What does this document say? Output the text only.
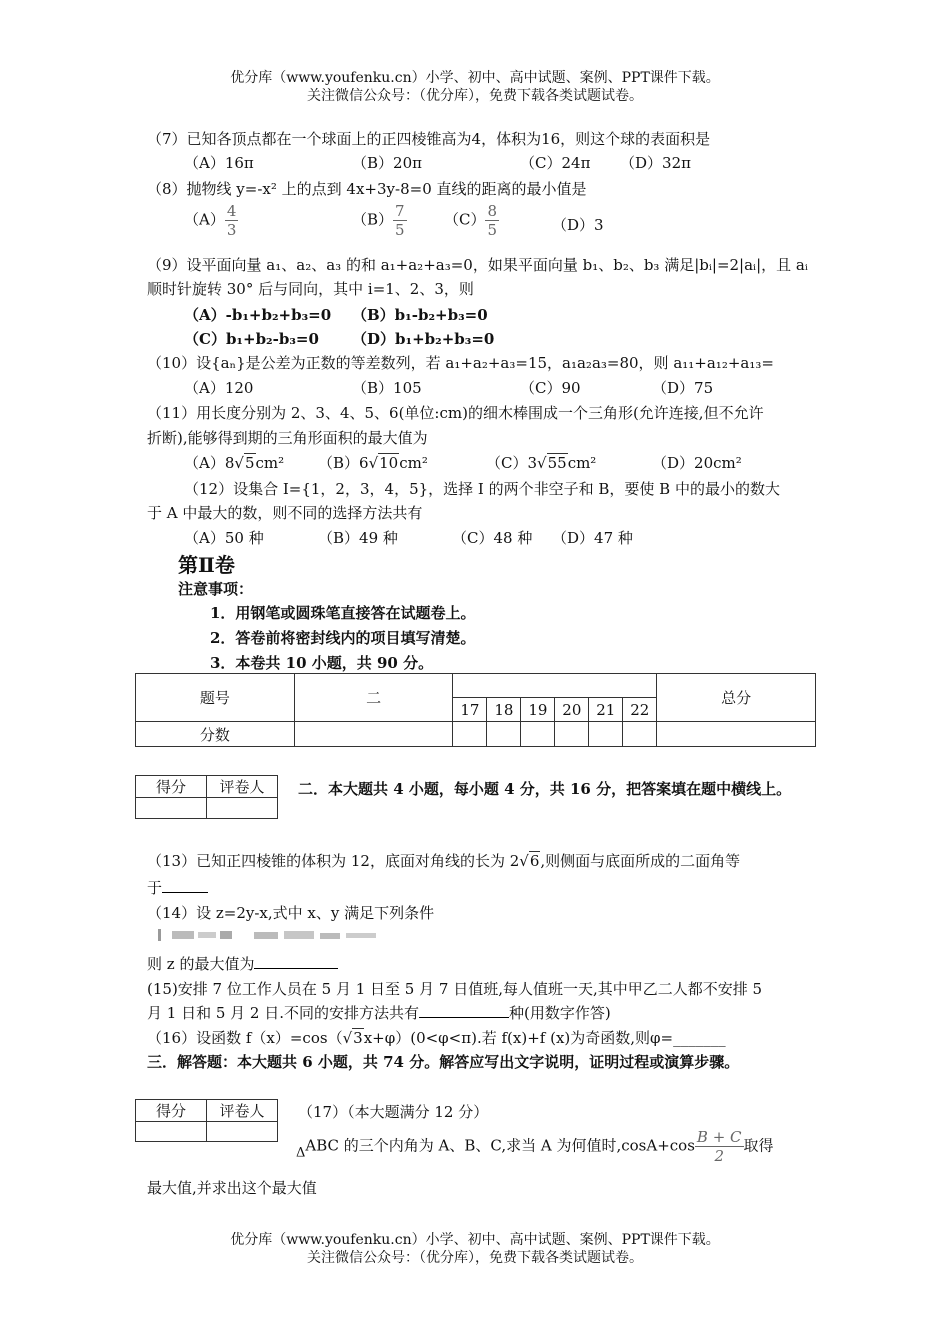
优分库（www.youfenku.cn）小学、初中、高中试题、案例、PPT课件下载。
关注微信公众号：（优分库），免费下载各类试题试卷。
（7）已知各顶点都在一个球面上的正四棱锥高为4，体积为16，则这个球的表面积是
（A）16π	（B）20π	（C）24π （D）32π
（8）抛物线 y=-x² 上的点到 4x+3y-8=0 直线的距离的最小值是
$(A) \frac{4}{3}$	$(B) \frac{7}{5} (C) \frac{8}{5}$	（D）3
（9）设平面向量 a₁、a₂、a₃ 的和 a₁+a₂+a₃=0，如果平面向量 b₁、b₂、b₃ 满足|bᵢ|=2|aᵢ|，且 aᵢ
顺时针旋转 30° 后与同向，其中 i=1、2、3，则
（A）-b₁+b₂+b₃=0 （B）b₁-b₂+b₃=0
（C）b₁+b₂-b₃=0 （D）b₁+b₂+b₃=0
（10）设{aₙ}是公差为正数的等差数列，若 a₁+a₂+a₃=15，a₁a₂a₃=80，则 a₁₁+a₁₂+a₁₃=
（A）120	（B）105	（C）90	（D）75
（11）用长度分别为 2、3、4、5、6(单位:cm)的细木棒围成一个三角形(允许连接,但不允许
折断),能够得到期的三角形面积的最大值为
（A）8√5cm² （B）6√10cm²	（C）3√55cm²	（D）20cm²
（12）设集合 I={1，2，3，4，5}，选择 I 的两个非空子和 B，要使 B 中的最小的数大
于 A 中最大的数，则不同的选择方法共有
（A）50 种	（B）49 种	（C）48 种 （D）47 种
第Ⅱ卷
注意事项：
1．用钢笔或圆珠笔直接答在试题卷上。
2．答卷前将密封线内的项目填写清楚。
3．本卷共 10 小题，共 90 分。
题号	二							总分
		17	18	19	20	21	22	
分数								
得分	评卷人
	二．本大题共 4 小题，每小题 4 分，共 16 分，把答案填在题中横线上。
（13）已知正四棱锥的体积为 12，底面对角线的长为 2√6,则侧面与底面所成的二面角等
于
（14）设 z=2y-x,式中 x、y 满足下列条件
则 z 的最大值为
(15)安排 7 位工作人员在 5 月 1 日至 5 月 7 日值班,每人值班一天,其中甲乙二人都不安排 5
月 1 日和 5 月 2 日.不同的安排方法共有	种(用数字作答)
（16）设函数 f（x）=cos（√3x+φ）(0<φ<π).若 f(x)+f (x)为奇函数,则φ=_______
三．解答题：本大题共 6 小题，共 74 分。解答应写出文字说明，证明过程或演算步骤。
得分	评卷人
	（17）（本大题满分 12 分）
ΔABC 的三个内角为 A、B、C,求当 A 为何值时$,\cos A+\cos \frac{B + C}{2}$ 取得
最大值,并求出这个最大值
优分库（www.youfenku.cn）小学、初中、高中试题、案例、PPT课件下载。
关注微信公众号：（优分库），免费下载各类试题试卷。
